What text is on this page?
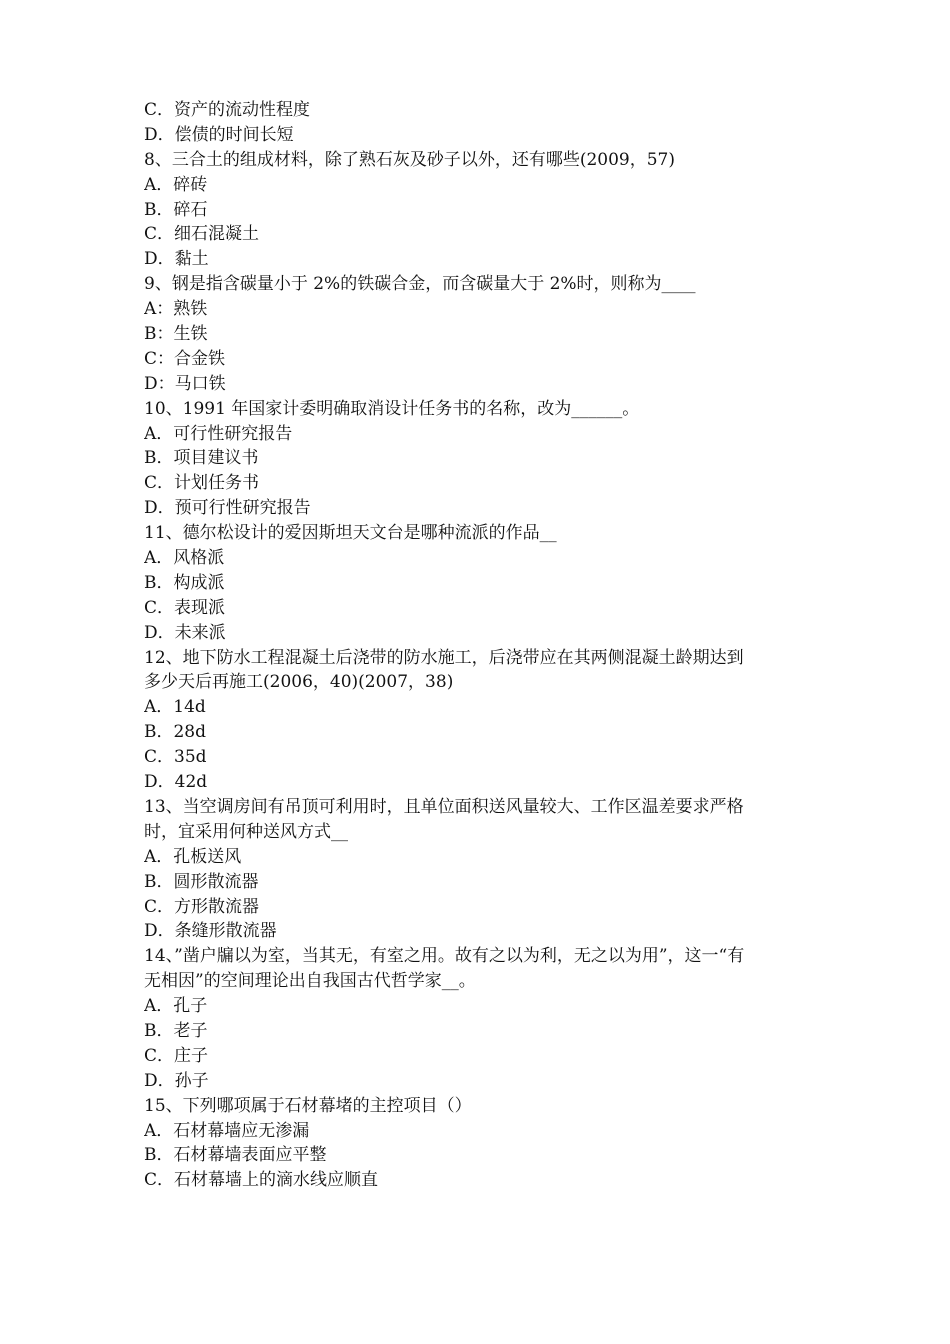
C．资产的流动性程度
D．偿债的时间长短
8、三合土的组成材料，除了熟石灰及砂子以外，还有哪些(2009，57)
A．碎砖
B．碎石
C．细石混凝土
D．黏土
9、钢是指含碳量小于 2%的铁碳合金，而含碳量大于 2%时，则称为____
A：熟铁
B：生铁
C：合金铁
D：马口铁
10、1991 年国家计委明确取消设计任务书的名称，改为______。
A．可行性研究报告
B．项目建议书
C．计划任务书
D．预可行性研究报告
11、德尔松设计的爱因斯坦天文台是哪种流派的作品__
A．风格派
B．构成派
C．表现派
D．未来派
12、地下防水工程混凝土后浇带的防水施工，后浇带应在其两侧混凝土龄期达到
多少天后再施工(2006，40)(2007，38)
A．14d
B．28d
C．35d
D．42d
13、当空调房间有吊顶可利用时，且单位面积送风量较大、工作区温差要求严格
时，宜采用何种送风方式__
A．孔板送风
B．圆形散流器
C．方形散流器
D．条缝形散流器
14、”凿户牖以为室，当其无，有室之用。故有之以为利，无之以为用”，这一“有
无相因”的空间理论出自我国古代哲学家__。
A．孔子
B．老子
C．庄子
D．孙子
15、下列哪项属于石材幕堵的主控项目（）
A．石材幕墙应无渗漏
B．石材幕墙表面应平整
C．石材幕墙上的滴水线应顺直
